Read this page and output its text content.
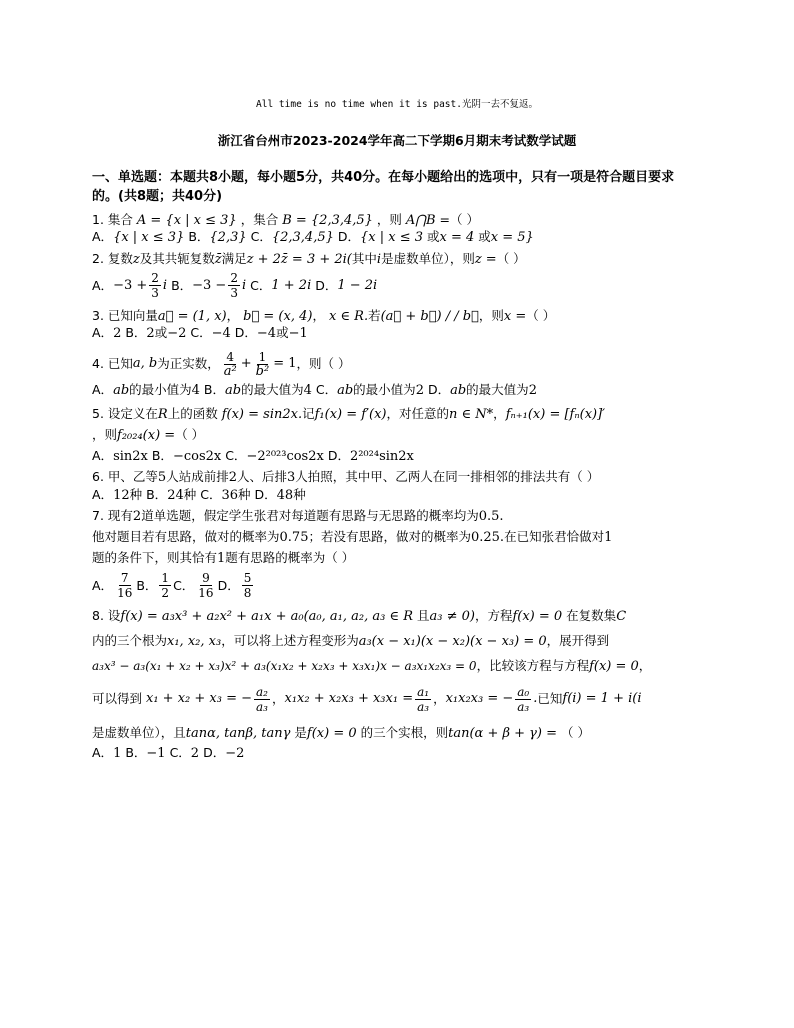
All time is no time when it is past.光阴一去不复返。
浙江省台州市2023-2024学年高二下学期6月期末考试数学试题
一、单选题：本题共8小题，每小题5分，共40分。在每小题给出的选项中，只有一项是符合题目要求
的。(共8题；共40分)
1. 集合 A = {x | x ≤ 3} ，集合 B = {2,3,4,5} ，则 A⋂B =（ ）
A．{x | x ≤ 3} B．{2,3} C．{2,3,4,5} D．{x | x ≤ 3 或x = 4 或x = 5}
2. 复数z及其共轭复数z̄满足z + 2z̄ = 3 + 2i(其中i是虚数单位），则z =（ ）
A． $-3 + \frac{2}{3}$ i
B． $-3 - \frac{2}{3}$ i
C． 1 + 2i
D． 1 − 2i
3. 已知向量a⃗ = (1, x)， b⃗ = (x, 4)， x ∈ R.若(a⃗ + b⃗) / / b⃗，则x =（ ）
A．2 B．2或−2 C．−4 D．−4或−1
4. 已知 a, b 为正实数， $\frac{4}{\text{a²}} + \frac{1}{\text{b²}} = 1$ ，则（ ）
A．ab的最小值为4 B．ab的最大值为4 C．ab的最小值为2 D．ab的最大值为2
5. 设定义在R上的函数 f(x) = sin2x.记f₁(x) = f′(x)，对任意的n ∈ N*，fₙ₊₁(x) = [fₙ(x)]′
，则f₂₀₂₄(x) =（ ）
A．sin2x B．−cos2x C．−2²⁰²³cos2x D．2²⁰²⁴sin2x
6. 甲、乙等5人站成前排2人、后排3人拍照，其中甲、乙两人在同一排相邻的排法共有（ ）
A．12种 B．24种 C．36种 D．48种
7. 现有2道单选题，假定学生张君对每道题有思路与无思路的概率均为0.5.
他对题目若有思路，做对的概率为0.75；若没有思路，做对的概率为0.25.在已知张君恰做对1
题的条件下，则其恰有1题有思路的概率为（ ）
A． $\frac{7}{16}$ B． $\frac{1}{2}$ C． $\frac{9}{16}$ D． $\frac{5}{8}$
8. 设f(x) = a₃x³ + a₂x² + a₁x + a₀(a₀, a₁, a₂, a₃ ∈ R 且a₃ ≠ 0)，方程f(x) = 0 在复数集C
内的三个根为x₁, x₂, x₃，可以将上述方程变形为a₃(x − x₁)(x − x₂)(x − x₃) = 0，展开得到
a₃x³ − a₃(x₁ + x₂ + x₃)x² + a₃(x₁x₂ + x₂x₃ + x₃x₁)x − a₃x₁x₂x₃ = 0，比较该方程与方程f(x) = 0，
可以得到
x₁ + x₂ + x₃ = − $\frac{\text{a₂}}{\text{a₃}}$ ， $x_1x_2 + x_2x_3 + x_3x_1 = \frac{\text{a₁}}{\text{a₃}}$ ， x₁x₂x₃ = − $\frac{\text{a₀}}{\text{a₃}}$ . 已知 f(i) = 1 + i(i
是虚数单位），且tanα, tanβ, tanγ 是f(x) = 0 的三个实根，则tan(α + β + γ) = （ ）
A．1 B．−1 C．2 D．−2
